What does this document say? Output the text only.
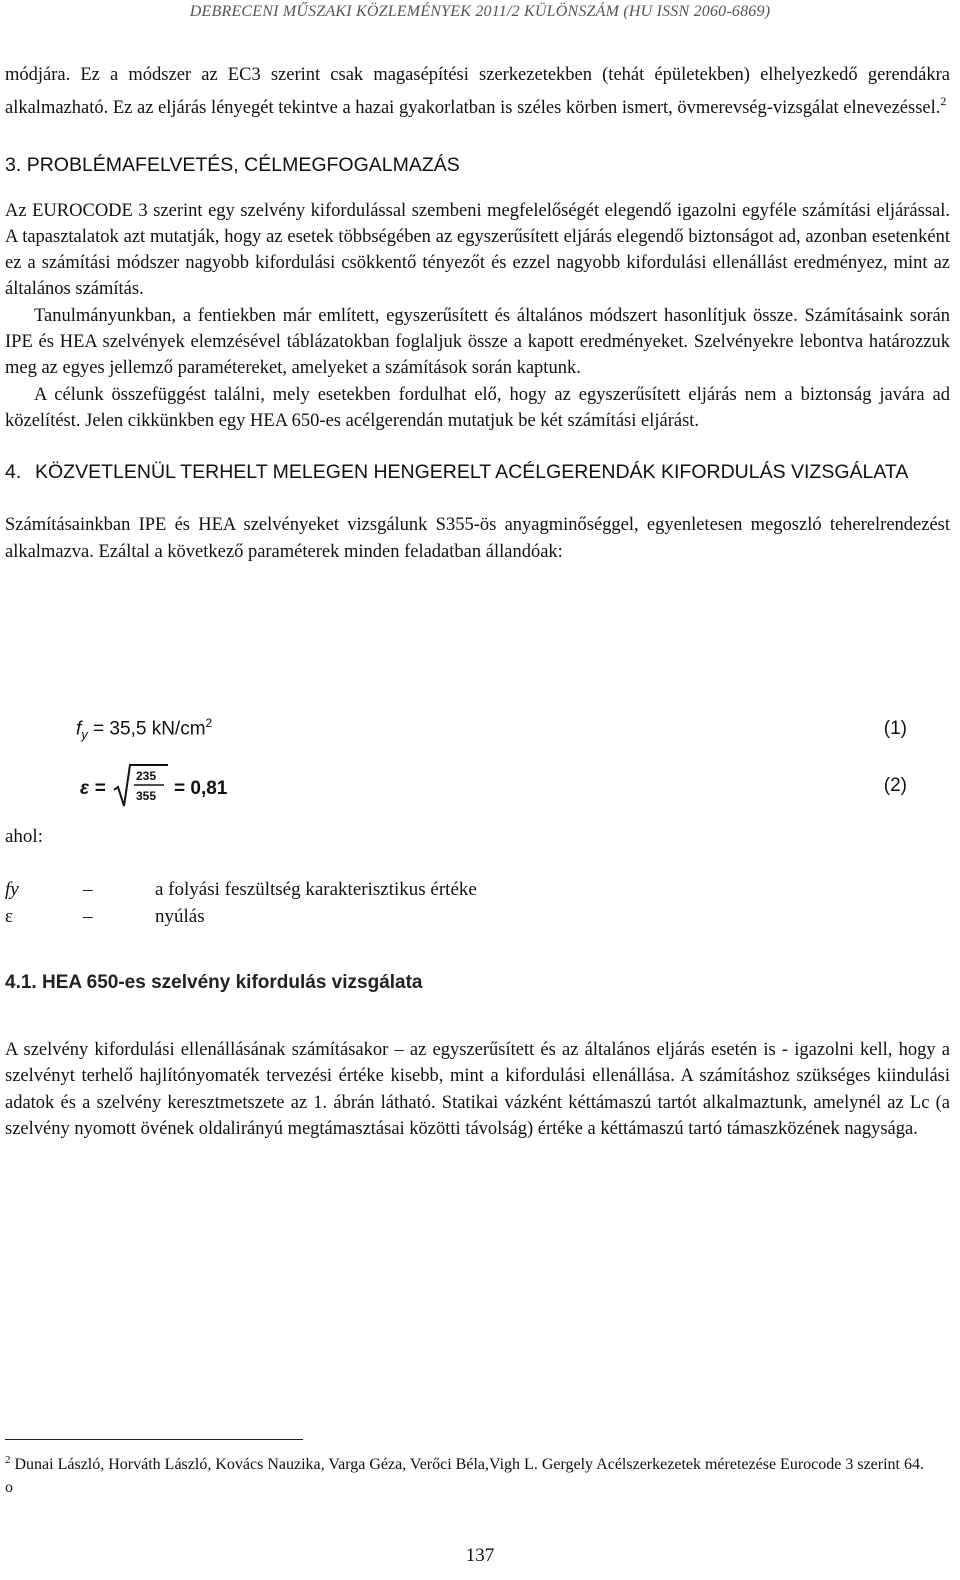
DEBRECENI MŰSZAKI KÖZLEMÉNYEK 2011/2 KÜLÖNSZÁM (HU ISSN 2060-6869)

módjára. Ez a módszer az EC3 szerint csak magasépítési szerkezetekben (tehát épületekben) elhelyezkedő gerendákra alkalmazható. Ez az eljárás lényegét tekintve a hazai gyakorlatban is széles körben ismert, övmerevség-vizsgálat elnevezéssel.$^2$

3. PROBLÉMAFELVETÉS, CÉLMEGFOGALMAZÁS

Az EUROCODE 3 szerint egy szelvény kifordulással szembeni megfelelőségét elegendő igazolni egyféle számítási eljárással. A tapasztalatok azt mutatják, hogy az esetek többségében az egyszerűsített eljárás elegendő biztonságot ad, azonban esetenként ez a számítási módszer nagyobb kifordulási csökkentő tényezőt és ezzel nagyobb kifordulási ellenállást eredményez, mint az általános számítás.

Tanulmányunkban, a fentiekben már említett, egyszerűsített és általános módszert hasonlítjuk össze. Számításaink során IPE és HEA szelvények elemzésével táblázatokban foglaljuk össze a kapott eredményeket. Szelvényekre lebontva határozzuk meg az egyes jellemző paramétereket, amelyeket a számítások során kaptunk.

A célunk összefüggést találni, mely esetekben fordulhat elő, hogy az egyszerűsített eljárás nem a biztonság javára ad közelítést. Jelen cikkünkben egy HEA 650-es acélgerendán mutatjuk be két számítási eljárást.

4. KÖZVETLENÜL TERHELT MELEGEN HENGERELT ACÉLGERENDÁK KIFORDULÁS VIZSGÁLATA

Számításainkban IPE és HEA szelvényeket vizsgálunk S355-ös anyagminőséggel, egyenletesen megoszló teherelrendezést alkalmazva. Ezáltal a következő paraméterek minden feladatban állandóak:

$f_y = 35,5$ $kN/cm^2$	(1)
ε =
235
355 = 0,81	(2)
ahol:
fy	–	a folyási feszültség karakterisztikus értéke
ε	–	nyúlás
4.1. HEA 650-es szelvény kifordulás vizsgálata

A szelvény kifordulási ellenállásának számításakor – az egyszerűsített és az általános eljárás esetén is - igazolni kell, hogy a szelvényt terhelő hajlítónyomaték tervezési értéke kisebb, mint a kifordulási ellenállása. A számításhoz szükséges kiindulási adatok és a szelvény keresztmetszete az 1. ábrán látható. Statikai vázként kéttámaszú tartót alkalmaztunk, amelynél az Lc (a szelvény nyomott övének oldalirányú megtámasztásai közötti távolság) értéke a kéttámaszú tartó támaszközének nagysága.

$^2$ Dunai László, Horváth László, Kovács Nauzika, Varga Géza, Verőci Béla,Vigh L. Gergely Acélszerkezetek méretezése Eurocode 3 szerint 64. o
137
